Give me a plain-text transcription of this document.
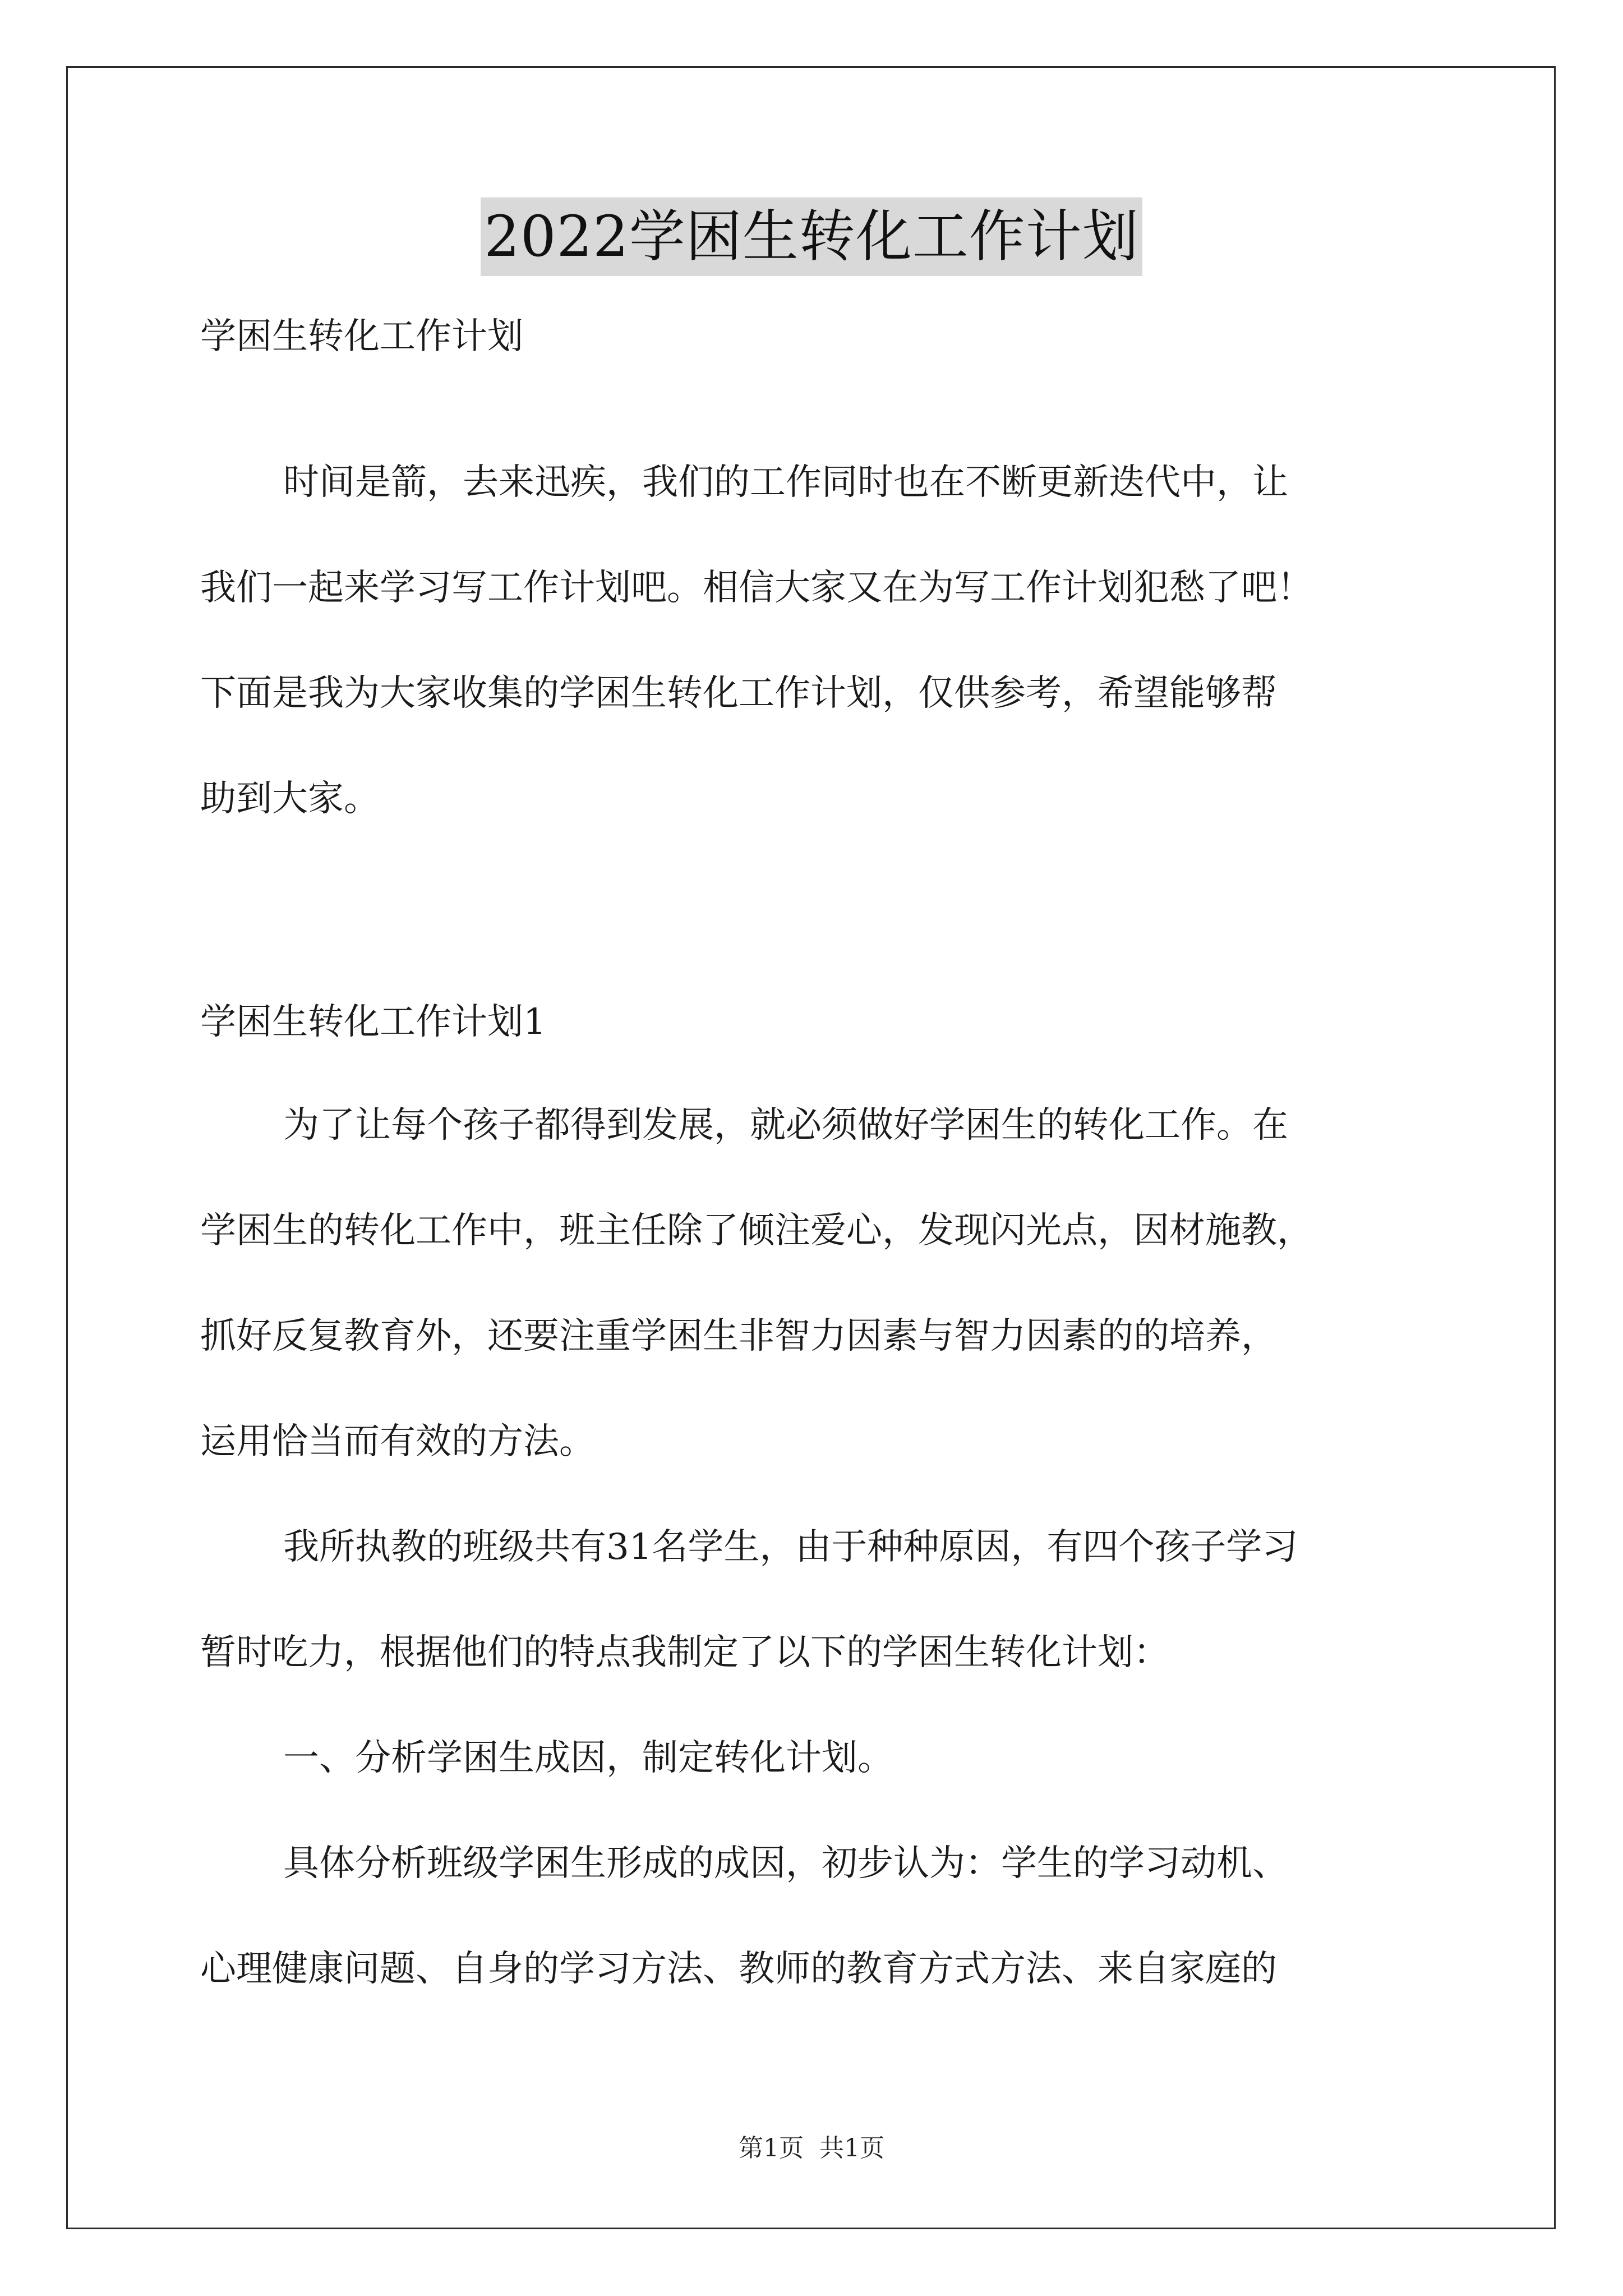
2022学困生转化工作计划
学困生转化工作计划
时间是箭，去来迅疾，我们的工作同时也在不断更新迭代中，让
我们一起来学习写工作计划吧。相信大家又在为写工作计划犯愁了吧！
下面是我为大家收集的学困生转化工作计划，仅供参考，希望能够帮
助到大家。
学困生转化工作计划1
为了让每个孩子都得到发展，就必须做好学困生的转化工作。在
学困生的转化工作中，班主任除了倾注爱心，发现闪光点，因材施教，
抓好反复教育外，还要注重学困生非智力因素与智力因素的的培养，
运用恰当而有效的方法。
我所执教的班级共有31名学生，由于种种原因，有四个孩子学习
暂时吃力，根据他们的特点我制定了以下的学困生转化计划：
一、分析学困生成因，制定转化计划。
具体分析班级学困生形成的成因，初步认为：学生的学习动机、
心理健康问题、自身的学习方法、教师的教育方式方法、来自家庭的
第1页 共1页
